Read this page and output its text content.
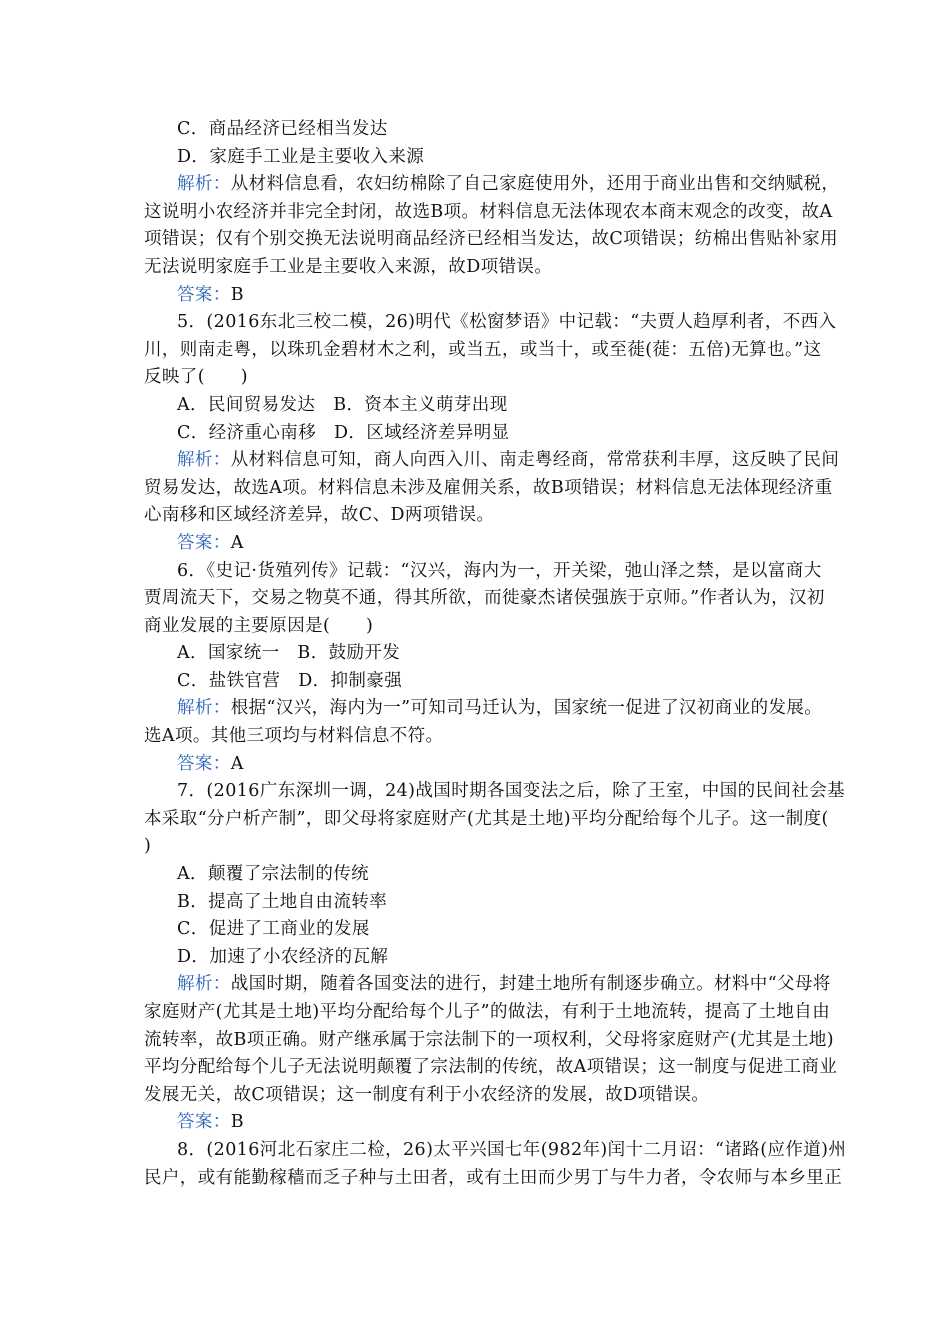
C．商品经济已经相当发达
D．家庭手工业是主要收入来源
解析：从材料信息看，农妇纺棉除了自己家庭使用外，还用于商业出售和交纳赋税，
这说明小农经济并非完全封闭，故选B项。材料信息无法体现农本商末观念的改变，故A
项错误；仅有个别交换无法说明商品经济已经相当发达，故C项错误；纺棉出售贴补家用
无法说明家庭手工业是主要收入来源，故D项错误。
答案：B
5．(2016东北三校二模，26)明代《松窗梦语》中记载：“夫贾人趋厚利者，不西入
川，则南走粤，以珠玑金碧材木之利，或当五，或当十，或至蓰(蓰：五倍)无算也。”这
反映了(　　)
A．民间贸易发达　B．资本主义萌芽出现
C．经济重心南移　D．区域经济差异明显
解析：从材料信息可知，商人向西入川、南走粤经商，常常获利丰厚，这反映了民间
贸易发达，故选A项。材料信息未涉及雇佣关系，故B项错误；材料信息无法体现经济重
心南移和区域经济差异，故C、D两项错误。
答案：A
6．《史记·货殖列传》记载：“汉兴，海内为一，开关梁，弛山泽之禁，是以富商大
贾周流天下，交易之物莫不通，得其所欲，而徙豪杰诸侯强族于京师。”作者认为，汉初
商业发展的主要原因是(　　)
A．国家统一　B．鼓励开发
C．盐铁官营　D．抑制豪强
解析：根据“汉兴，海内为一”可知司马迁认为，国家统一促进了汉初商业的发展。
选A项。其他三项均与材料信息不符。
答案：A
7．(2016广东深圳一调，24)战国时期各国变法之后，除了王室，中国的民间社会基
本采取“分户析产制”，即父母将家庭财产(尤其是土地)平均分配给每个儿子。这一制度(
)
A．颠覆了宗法制的传统
B．提高了土地自由流转率
C．促进了工商业的发展
D．加速了小农经济的瓦解
解析：战国时期，随着各国变法的进行，封建土地所有制逐步确立。材料中“父母将
家庭财产(尤其是土地)平均分配给每个儿子”的做法，有利于土地流转，提高了土地自由
流转率，故B项正确。财产继承属于宗法制下的一项权利，父母将家庭财产(尤其是土地)
平均分配给每个儿子无法说明颠覆了宗法制的传统，故A项错误；这一制度与促进工商业
发展无关，故C项错误；这一制度有利于小农经济的发展，故D项错误。
答案：B
8．(2016河北石家庄二检，26)太平兴国七年(982年)闰十二月诏：“诸路(应作道)州
民户，或有能勤稼穑而乏子种与土田者，或有土田而少男丁与牛力者，令农师与本乡里正
